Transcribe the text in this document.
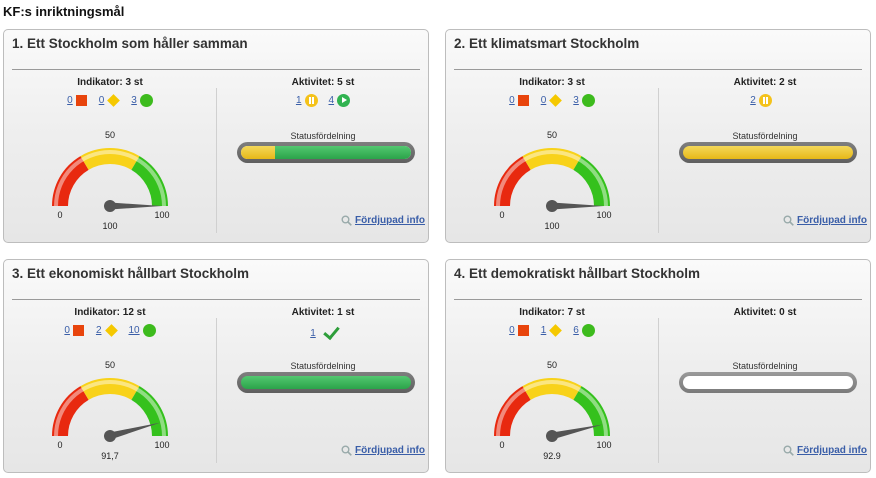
KF:s inriktningsmål
1. Ett Stockholm som håller samman
Indikator: 3 st
0	0	3
Aktivitet: 5 st
1	4
Statusfördelning
50
0	100
100	Fördjupad info
2. Ett klimatsmart Stockholm
Indikator: 3 st
0	0	3
Aktivitet: 2 st
2
Statusfördelning
50
0	100
100	Fördjupad info
3. Ett ekonomiskt hållbart Stockholm
Indikator: 12 st
0	2	10
Aktivitet: 1 st
1
Statusfördelning
50
0	100
91,7	Fördjupad info
4. Ett demokratiskt hållbart Stockholm
Indikator: 7 st
0	1	6
Aktivitet: 0 st
Statusfördelning
50
0	100
92.9	Fördjupad info
